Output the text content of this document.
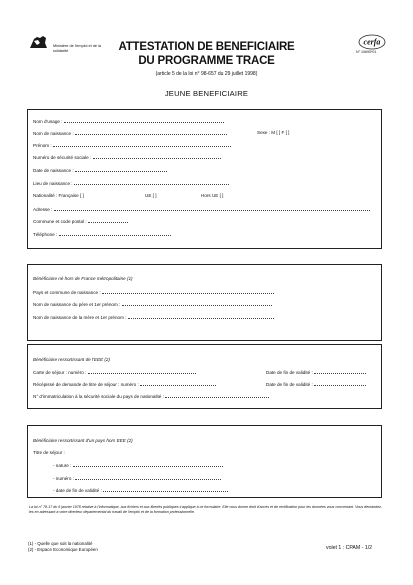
Ministère de l'emploi et de la solidarité	ATTESTATION DE BENEFICIAIRE
DU PROGRAMME TRACE
(article 5 de la loi n° 98-657 du 29 juillet 1998)
cerfa
N° 10690*01
JEUNE BENEFICIAIRE
Nom d'usage :
Nom de naissance :	Sexe : M [ ] F [ ]
Prénom :
Numéro de sécurité sociale :
Date de naissance :
Lieu de naissance :
Nationalité : Française [ ]	UE [ ]	Hors UE [ ]
Adresse :
Commune et code postal :
Téléphone :
Bénéficiaire né hors de France métropolitaine (1)
Pays et commune de naissance :
Nom de naissance du père et 1er prénom :
Nom de naissance de la mère et 1er prénom :
Bénéficiaire ressortissant de l'EEE (2)
Carte de séjour : numéro :	Date de fin de validité :
Récépissé de demande de titre de séjour : numéro :	Date de fin de validité :
N° d'immatriculation à la sécurité sociale du pays de nationalité :
Bénéficiaire ressortissant d'un pays hors EEE (2)
Titre de séjour :
- nature :
- numéro :
- date de fin de validité :
La loi n° 78-17 du 6 janvier 1978 relative à l'informatique, aux fichiers et aux libertés publiques s'applique à ce formulaire. Elle vous donne droit d'accès et de rectification pour les données vous concernant. Vous demandez-les en adressant à votre directeur départemental du travail de l'emploi et de la formation professionnelle.
(1) - Quelle que soit la nationalité
(2) - Espace Economique Européen	volet 1 : CPAM - 1/2
